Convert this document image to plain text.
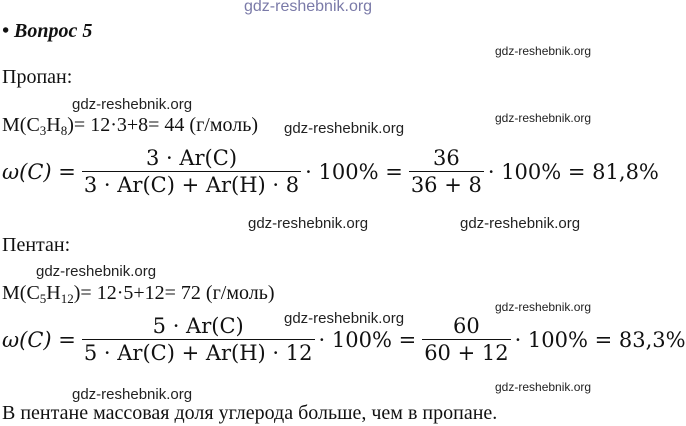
gdz-reshebnik.org
• Вопрос 5
gdz-reshebnik.org
gdz-reshebnik.org
gdz-reshebnik.org
gdz-reshebnik.org
Пропан:
gdz-reshebnik.org
$M(C_3H_8)= 12\cdot 3+8= 44$ (г/моль) gdz-reshebnik.org
$\omega(C) = \frac{3 \cdot Ar(C)}{3 \cdot Ar(C) + Ar(H) \cdot 8} \cdot 100\% = \frac{36}{36 + 8} \cdot 100\% = 81,8\%$
gdz-reshebnik.org	gdz-reshebnik.org
Пентан:
gdz-reshebnik.org
$M(C_5H_{12})= 12\cdot 5+12= 72$ (г/моль)
gdz-reshebnik.org
$\omega(C) = \frac{5 \cdot Ar(C)}{5 \cdot Ar(C) + Ar(H) \cdot 12} \cdot 100\% = \frac{60}{60 + 12} \cdot 100\% = 83,3\%$
gdz-reshebnik.org
В пентане массовая доля углерода больше, чем в пропане.
